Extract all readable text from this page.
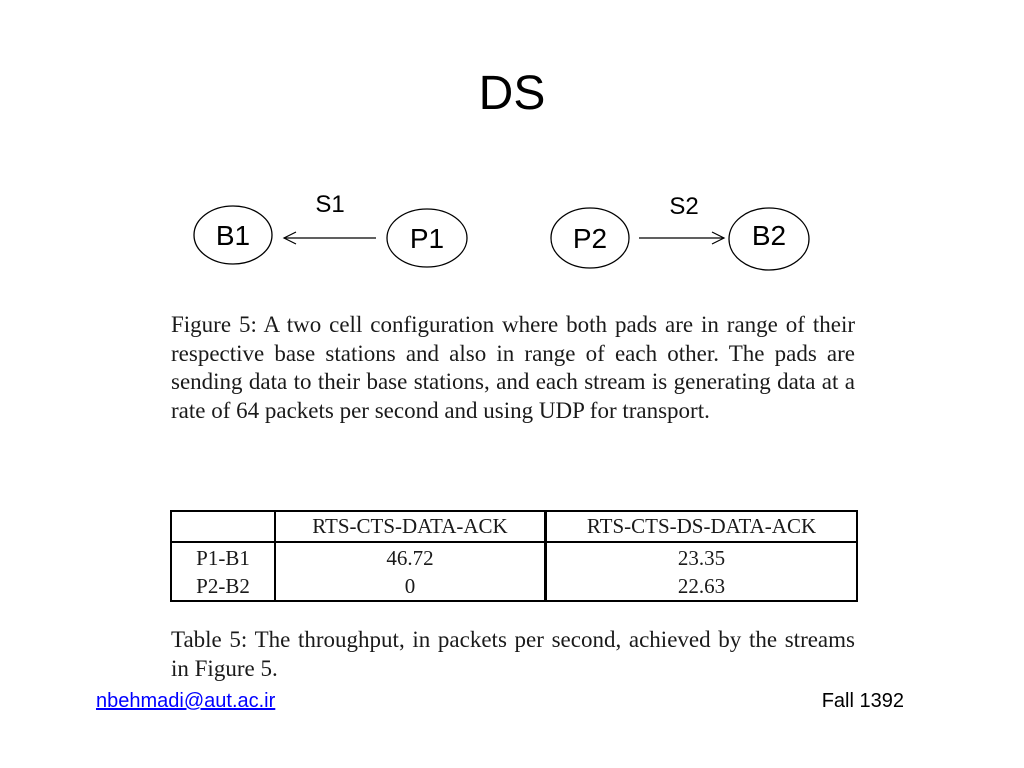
DS
B1	P1
S1
P2	B2
S2

Figure 5: A two cell configuration where both pads are in range of their respective base stations and also in range of each other. The pads are sending data to their base stations, and each stream is generating data at a rate of 64 packets per second and using UDP for transport.

	RTS-CTS-DATA-ACK	RTS-CTS-DS-DATA-ACK
P1-B1	46.72	23.35
P2-B2	0	22.63

Table 5: The throughput, in packets per second, achieved by the streams in Figure 5.

nbehmadi@aut.ac.ir	Fall 1392
